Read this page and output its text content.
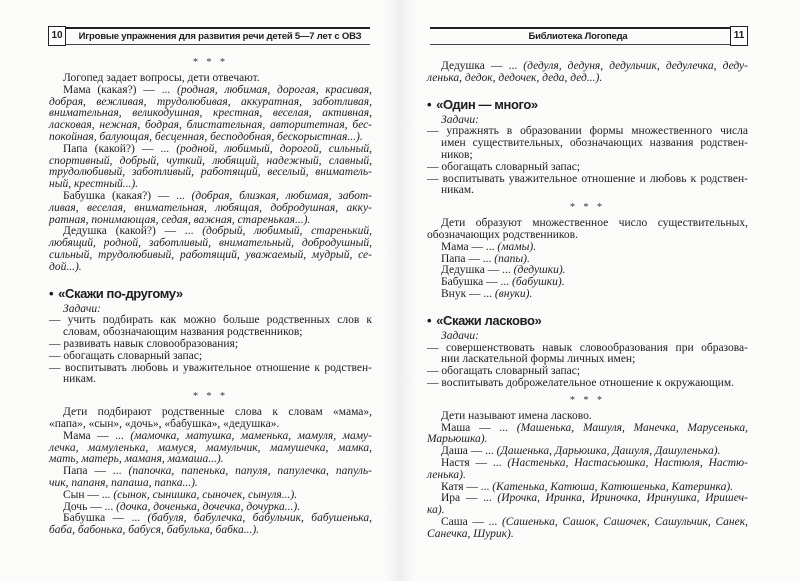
Игровые упражнения для развития речи детей 5—7 лет с ОВЗ
10	Библиотека Логопеда	11
* * *
Логопед задает вопросы, дети отвечают.
Мама (какая?) — ... (родная, любимая, дорогая, красивая,
добрая, вежливая, трудолюбивая, аккуратная, заботливая,
внимательная, великодушная, крестная, веселая, активная,
ласковая, нежная, бодрая, блистательная, авторитетная, бес-
покойная, балующая, бесценная, бесподобная, бескорыстная...).
Папа (какой?) — ... (родной, любимый, дорогой, сильный,
спортивный, добрый, чуткий, любящий, надежный, славный,
трудолюбивый, заботливый, работящий, веселый, вниматель-
ный, крестный...).
Бабушка (какая?) — ... (добрая, близкая, любимая, забот-
ливая, веселая, внимательная, любящая, добродушная, акку-
ратная, понимающая, седая, важная, старенькая...).
Дедушка (какой?) — ... (добрый, любимый, старенький,
любящий, родной, заботливый, внимательный, добродушный,
сильный, трудолюбивый, работящий, уважаемый, мудрый, се-
дой...).
• «Скажи по-другому»
Задачи:
— учить подбирать как можно больше родственных слов к
словам, обозначающим названия родственников;
— развивать навык словообразования;
— обогащать словарный запас;
— воспитывать любовь и уважительное отношение к родствен-
никам.
* * *
Дети подбирают родственные слова к словам «мама»,
«папа», «сын», «дочь», «бабушка», «дедушка».
Мама — ... (мамочка, матушка, маменька, мамуля, маму-
лечка, мамуленька, мамуся, мамульчик, мамушечка, мамка,
мать, матерь, маманя, мамаша...).
Папа — ... (папочка, папенька, папуля, папулечка, папуль-
чик, папаня, папаша, папка...).
Сын — ... (сынок, сынишка, сыночек, сынуля...).
Дочь — ... (дочка, доченька, дочечка, дочурка...).
Бабушка — ... (бабуля, бабулечка, бабульчик, бабушенька,
баба, бабонька, бабуся, бабулька, бабка...).
Дедушка — ... (дедуля, дедуня, дедульчик, дедулечка, деду-
ленька, дедок, дедочек, деда, дед...).
• «Один — много»
Задачи:
— упражнять в образовании формы множественного числа
имен существительных, обозначающих названия родствен-
ников;
— обогащать словарный запас;
— воспитывать уважительное отношение и любовь к родствен-
никам.
* * *
Дети образуют множественное число существительных,
обозначающих родственников.
Мама — ... (мамы).
Папа — ... (папы).
Дедушка — ... (дедушки).
Бабушка — ... (бабушки).
Внук — ... (внуки).
• «Скажи ласково»
Задачи:
— совершенствовать навык словообразования при образова-
нии ласкательной формы личных имен;
— обогащать словарный запас;
— воспитывать доброжелательное отношение к окружающим.
* * *
Дети называют имена ласково.
Маша — ... (Машенька, Машуля, Манечка, Марусенька,
Марьюшка).
Даша — ... (Дашенька, Дарьюшка, Дашуля, Дашуленька).
Настя — ... (Настенька, Настасьюшка, Настюля, Настю-
ленька).
Катя — ... (Катенька, Катюша, Катюшенька, Катеринка).
Ира — ... (Ирочка, Иринка, Ириночка, Иринушка, Иришеч-
ка).
Саша — ... (Сашенька, Сашок, Сашочек, Сашульчик, Санек,
Санечка, Шурик).
